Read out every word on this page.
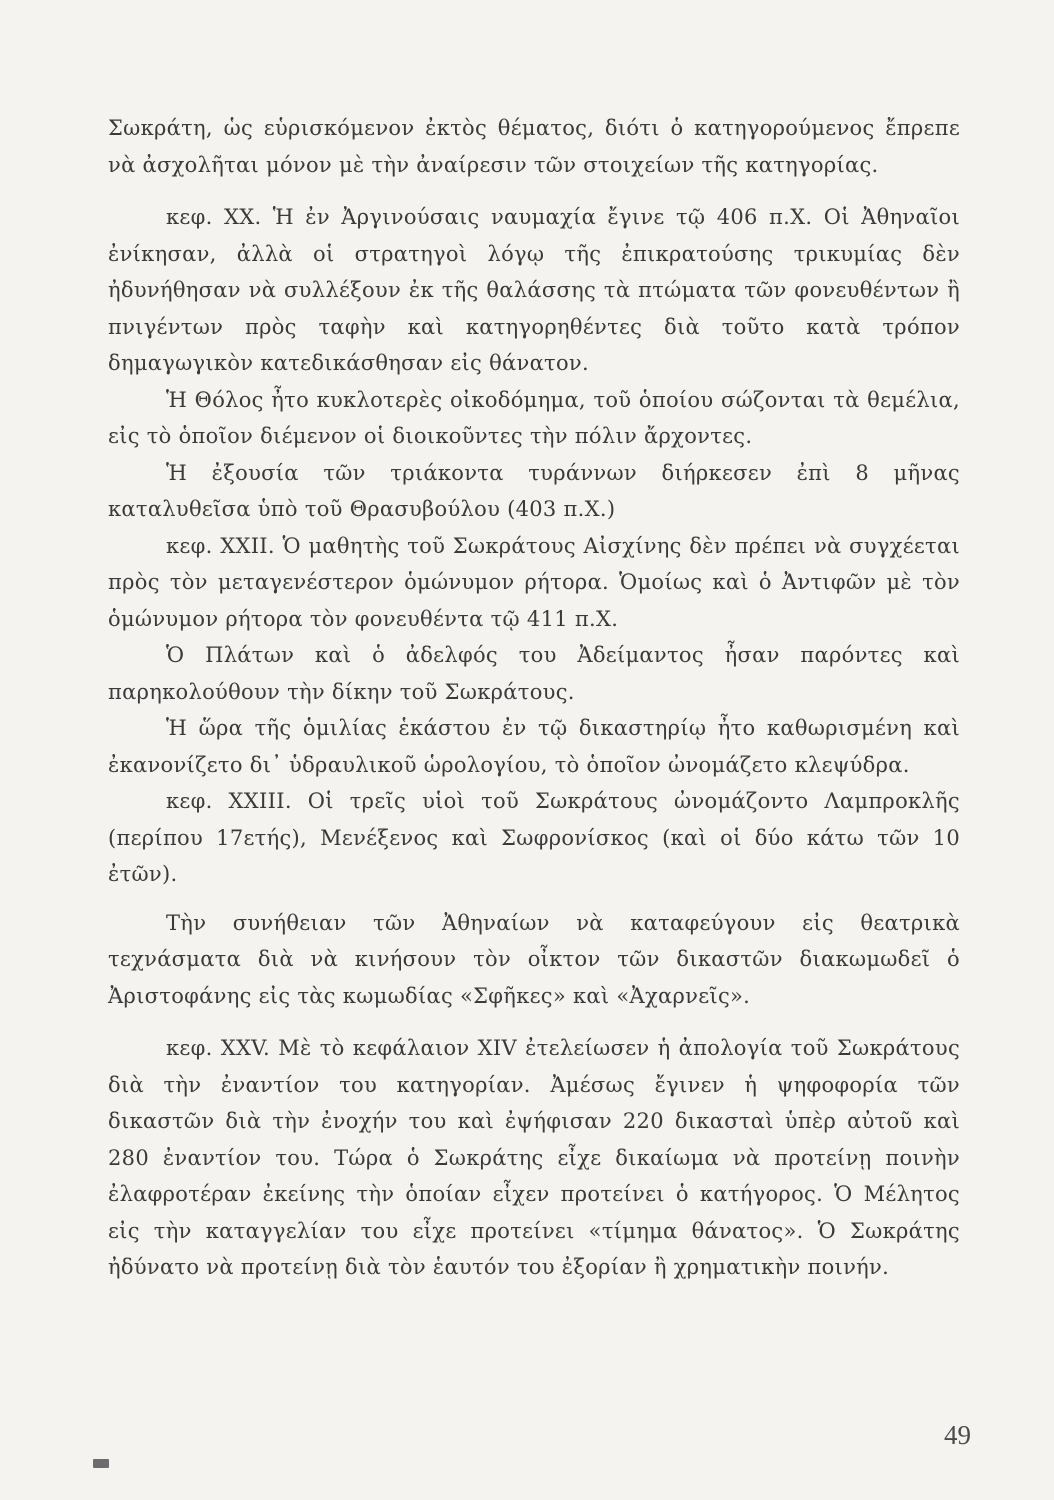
Σωκράτη, ὡς εὑρισκόμενον ἐκτὸς θέματος, διότι ὁ κατηγορούμενος ἔπρεπε νὰ ἀσχολῆται μόνον μὲ τὴν ἀναίρεσιν τῶν στοιχείων τῆς κατηγορίας.

κεφ. XX. Ἡ ἐν Ἀργινούσαις ναυμαχία ἔγινε τῷ 406 π.Χ. Οἱ Ἀθηναῖοι ἐνίκησαν, ἀλλὰ οἱ στρατηγοὶ λόγῳ τῆς ἐπικρατούσης τρικυμίας δὲν ἠδυνήθησαν νὰ συλλέξουν ἐκ τῆς θαλάσσης τὰ πτώματα τῶν φονευθέντων ἢ πνιγέντων πρὸς ταφὴν καὶ κατηγορηθέντες διὰ τοῦτο κατὰ τρόπον δημαγωγικὸν κατεδικάσθησαν εἰς θάνατον.

Ἡ Θόλος ἦτο κυκλοτερὲς οἰκοδόμημα, τοῦ ὁποίου σώζονται τὰ θεμέλια, εἰς τὸ ὁποῖον διέμενον οἱ διοικοῦντες τὴν πόλιν ἄρχοντες.

Ἡ ἐξουσία τῶν τριάκοντα τυράννων διήρκεσεν ἐπὶ 8 μῆνας καταλυθεῖσα ὑπὸ τοῦ Θρασυβούλου (403 π.Χ.)

κεφ. XXII. Ὁ μαθητὴς τοῦ Σωκράτους Αἰσχίνης δὲν πρέπει νὰ συγχέεται πρὸς τὸν μεταγενέστερον ὁμώνυμον ρήτορα. Ὁμοίως καὶ ὁ Ἀντιφῶν μὲ τὸν ὁμώνυμον ρήτορα τὸν φονευθέντα τῷ 411 π.Χ.

Ὁ Πλάτων καὶ ὁ ἀδελφός του Ἀδείμαντος ἦσαν παρόντες καὶ παρηκολούθουν τὴν δίκην τοῦ Σωκράτους.

Ἡ ὥρα τῆς ὁμιλίας ἑκάστου ἐν τῷ δικαστηρίῳ ἦτο καθωρισμένη καὶ ἐκανονίζετο δι᾽ ὑδραυλικοῦ ὡρολογίου, τὸ ὁποῖον ὠνομάζετο κλεψύδρα.

κεφ. XXIII. Οἱ τρεῖς υἱοὶ τοῦ Σωκράτους ὠνομάζοντο Λαμπροκλῆς (περίπου 17ετής), Μενέξενος καὶ Σωφρονίσκος (καὶ οἱ δύο κάτω τῶν 10 ἐτῶν).

Τὴν συνήθειαν τῶν Ἀθηναίων νὰ καταφεύγουν εἰς θεατρικὰ τεχνάσματα διὰ νὰ κινήσουν τὸν οἶκτον τῶν δικαστῶν διακωμωδεῖ ὁ Ἀριστοφάνης εἰς τὰς κωμωδίας «Σφῆκες» καὶ «Ἀχαρνεῖς».

κεφ. XXV. Μὲ τὸ κεφάλαιον XIV ἐτελείωσεν ἡ ἀπολογία τοῦ Σωκράτους διὰ τὴν ἐναντίον του κατηγορίαν. Ἀμέσως ἔγινεν ἡ ψηφοφορία τῶν δικαστῶν διὰ τὴν ἐνοχήν του καὶ ἐψήφισαν 220 δικασταὶ ὑπὲρ αὐτοῦ καὶ 280 ἐναντίον του. Τώρα ὁ Σωκράτης εἶχε δικαίωμα νὰ προτείνῃ ποινὴν ἐλαφροτέραν ἐκείνης τὴν ὁποίαν εἶχεν προτείνει ὁ κατήγορος. Ὁ Μέλητος εἰς τὴν καταγγελίαν του εἶχε προτείνει «τίμημα θάνατος». Ὁ Σωκράτης ἠδύνατο νὰ προτείνῃ διὰ τὸν ἑαυτόν του ἐξορίαν ἢ χρηματικὴν ποινήν.

49
